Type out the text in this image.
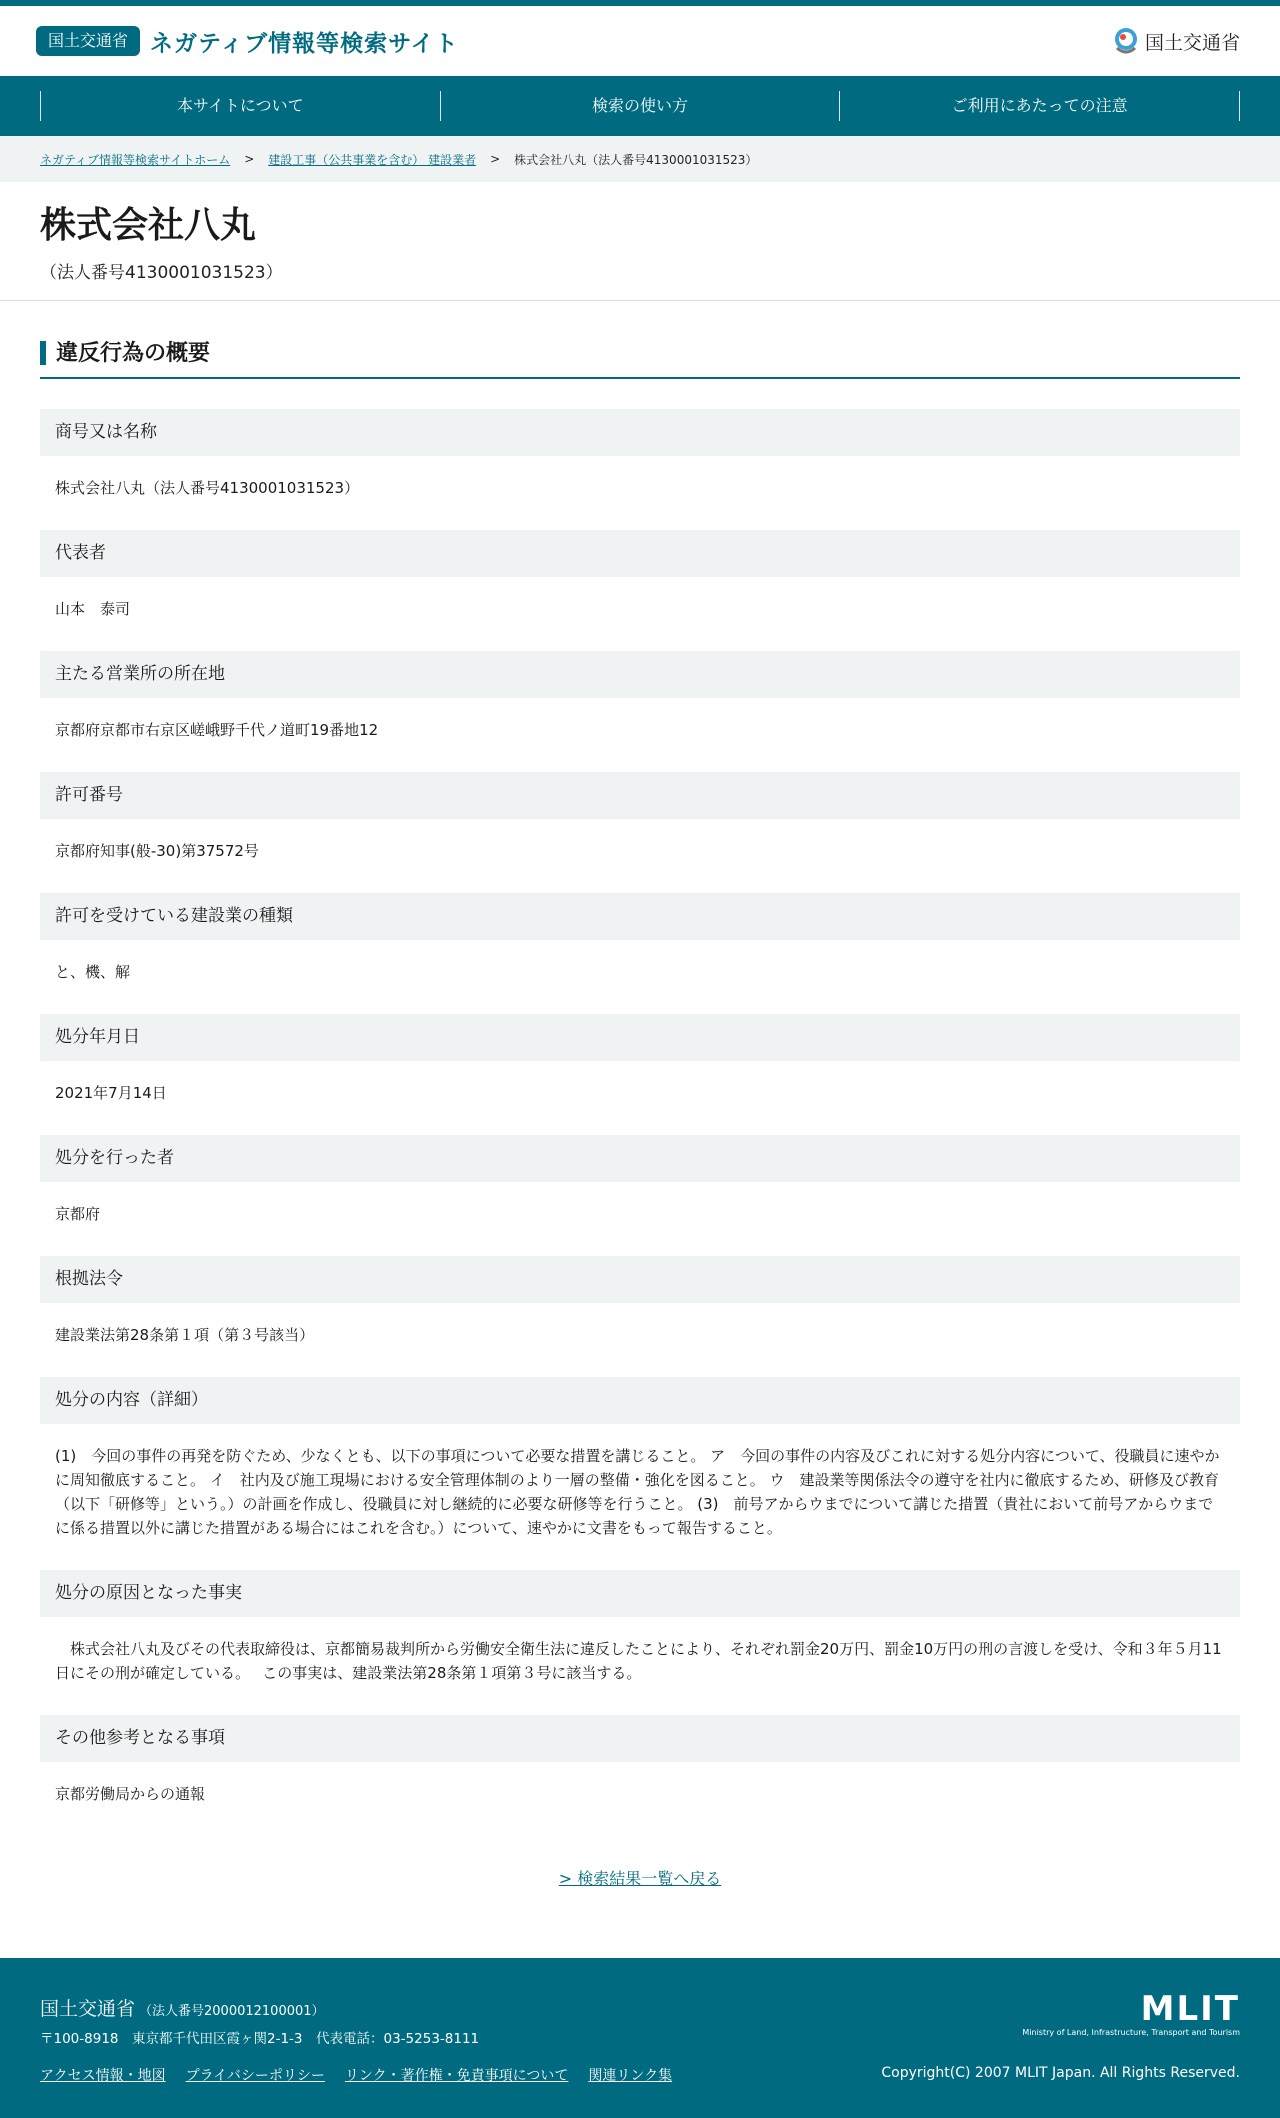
国土交通省 ネガティブ情報等検索サイト	国土交通省
本サイトについて	検索の使い方	ご利用にあたっての注意
ネガティブ情報等検索サイトホーム > 建設工事（公共事業を含む） 建設業者 > 株式会社八丸（法人番号4130001031523）
株式会社八丸
（法人番号4130001031523）
違反行為の概要
商号又は名称
株式会社八丸（法人番号4130001031523）
代表者
山本　泰司
主たる営業所の所在地
京都府京都市右京区嵯峨野千代ノ道町19番地12
許可番号
京都府知事(般-30)第37572号
許可を受けている建設業の種類
と、機、解
処分年月日
2021年7月14日
処分を行った者
京都府
根拠法令
建設業法第28条第１項（第３号該当）
処分の内容（詳細）
(1)　今回の事件の再発を防ぐため、少なくとも、以下の事項について必要な措置を講じること。 ア　今回の事件の内容及びこれに対する処分内容について、役職員に速やかに周知徹底すること。 イ　社内及び施工現場における安全管理体制のより一層の整備・強化を図ること。 ウ　建設業等関係法令の遵守を社内に徹底するため、研修及び教育（以下「研修等」という。）の計画を作成し、役職員に対し継続的に必要な研修等を行うこと。 (3)　前号アからウまでについて講じた措置（貴社において前号アからウまでに係る措置以外に講じた措置がある場合にはこれを含む。）について、速やかに文書をもって報告すること。
処分の原因となった事実
　株式会社八丸及びその代表取締役は、京都簡易裁判所から労働安全衛生法に違反したことにより、それぞれ罰金20万円、罰金10万円の刑の言渡しを受け、令和３年５月11日にその刑が確定している。　 この事実は、建設業法第28条第１項第３号に該当する。
その他参考となる事項
京都労働局からの通報
> 検索結果一覧へ戻る
国土交通省 （法人番号2000012100001）
〒100-8918　東京都千代田区霞ヶ関2-1-3　代表電話：03-5253-8111
アクセス情報・地図 プライバシーポリシー リンク・著作権・免責事項について 関連リンク集
MLIT
Ministry of Land, Infrastructure, Transport and Tourism
Copyright(C) 2007 MLIT Japan. All Rights Reserved.
